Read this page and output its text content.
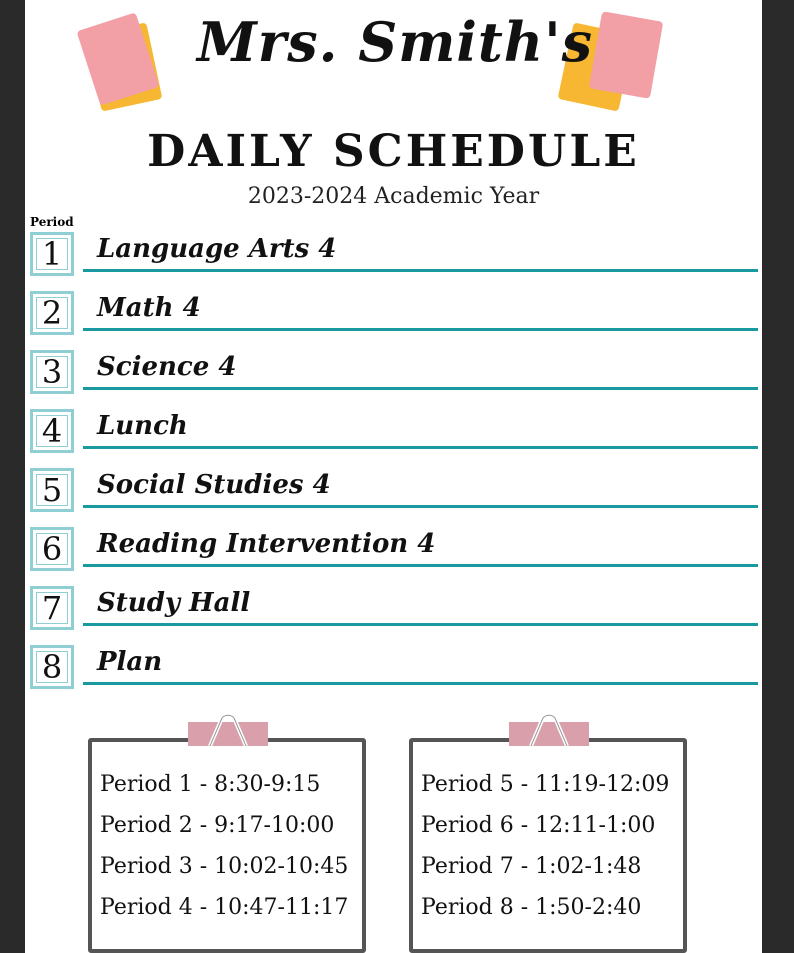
Mrs. Smith's
DAILY SCHEDULE
2023-2024 Academic Year
Period
1	Language Arts 4
2	Math 4
3	Science 4
4	Lunch
5	Social Studies 4
6	Reading Intervention 4
7	Study Hall
8	Plan

Period 1 - 8:30-9:15

Period 2 - 9:17-10:00

Period 3 - 10:02-10:45

Period 4 - 10:47-11:17

Period 5 - 11:19-12:09

Period 6 - 12:11-1:00

Period 7 - 1:02-1:48

Period 8 - 1:50-2:40
